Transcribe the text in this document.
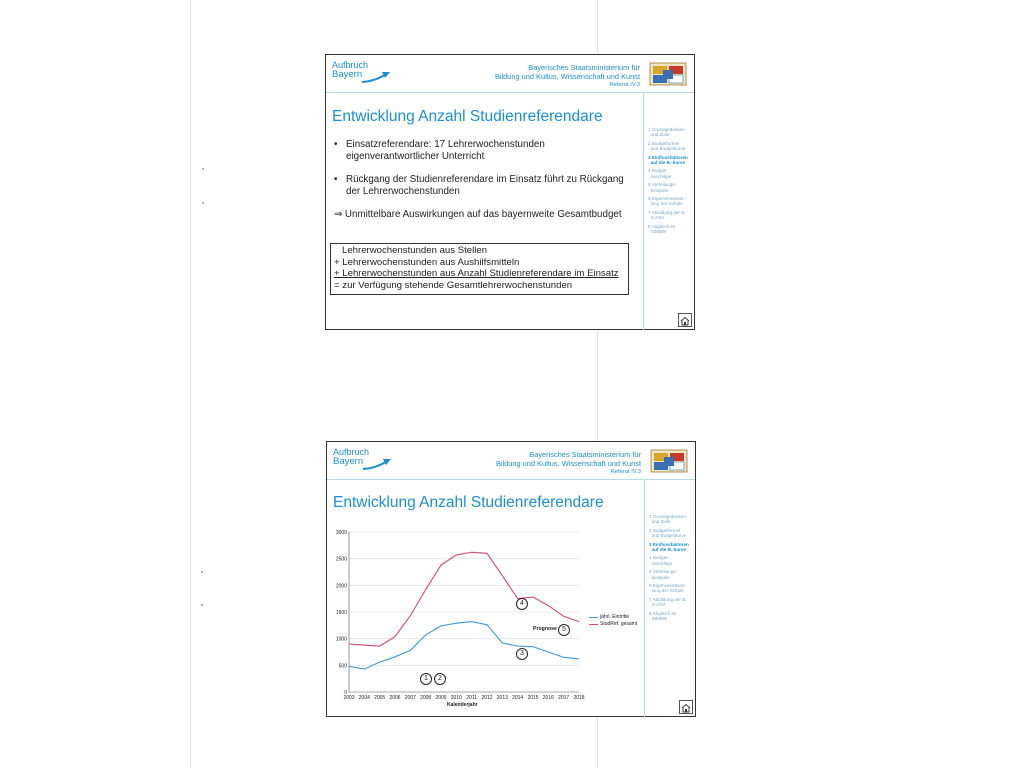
Aufbruch
Bayern
Bayerisches Staatsministerium für
Bildung und Kultus, Wissenschaft und Kunst
Referat IV.3
Entwicklung Anzahl Studienreferendare
• Einsatzreferendare: 17 Lehrerwochenstunden
eigenverantwortlicher Unterricht
• Rückgang der Studienreferendare im Einsatz führt zu Rückgang
der Lehrerwochenstunden
⇒ Unmittelbare Auswirkungen auf das bayernweite Gesamtbudget
Lehrerwochenstunden aus Stellen
+ Lehrerwochenstunden aus Aushilfsmitteln
+ Lehrerwochenstunden aus Anzahl Studienreferendare im Einsatz
= zur Verfügung stehende Gesamtlehrerwochenstunden
1 Grundgedanken
und Ziele
2 Budgetformel
und Budgetkurve
3 Einflussfaktoren
auf die B.-kurve
4 Budget-
zuschläge
5 Verteilungs-
beispiele
6 Eigenverantwor-
tung der Schule
7 Abbildung der B.
in ASV
8 Abgleich im
StMBW
Aufbruch
Bayern
Bayerisches Staatsministerium für
Bildung und Kultus, Wissenschaft und Kunst
Referat IV.3
Entwicklung Anzahl Studienreferendare
0
500
1000
1500
2000
2500
3000
2003 2004 2005 2006 2007 2008 2009 2010 2011 2012 2013 2014 2015 2016 2017 2018
jährl. Eintritte
StudRef. gesamt
Prognose 5
4
3
1	2
Kalenderjahr
1 Grundgedanken
und Ziele
2 Budgetformel
und Budgetkurve
3 Einflussfaktoren
auf die B.-kurve
4 Budget-
zuschläge
5 Verteilungs-
beispiele
6 Eigenverantwor-
tung der Schule
7 Abbildung der B.
in ASV
8 Abgleich im
StMBW
